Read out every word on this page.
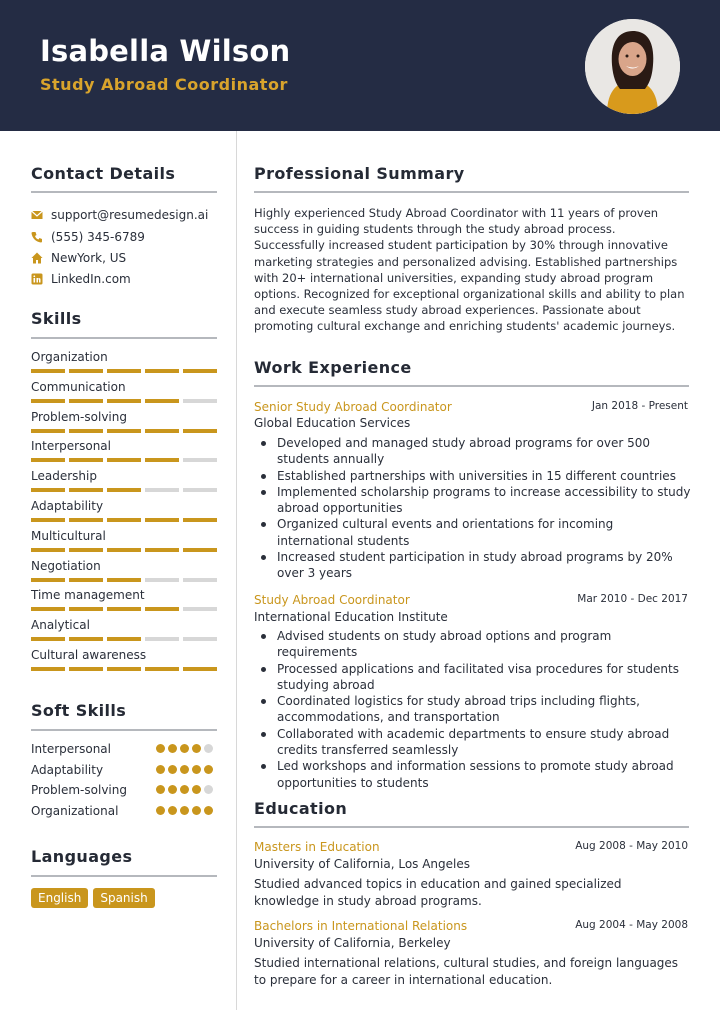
Isabella Wilson
Study Abroad Coordinator
Contact Details
support@resumedesign.ai
(555) 345-6789
NewYork, US
LinkedIn.com
Skills
Organization
Communication
Problem-solving
Interpersonal
Leadership
Adaptability
Multicultural
Negotiation
Time management
Analytical
Cultural awareness
Soft Skills
Interpersonal
Adaptability
Problem-solving
Organizational
Languages
English	Spanish
Professional Summary
Highly experienced Study Abroad Coordinator with 11 years of proven success in guiding students through the study abroad process. Successfully increased student participation by 30% through innovative marketing strategies and personalized advising. Established partnerships with 20+ international universities, expanding study abroad program options. Recognized for exceptional organizational skills and ability to plan and execute seamless study abroad experiences. Passionate about promoting cultural exchange and enriching students' academic journeys.
Work Experience
Senior Study Abroad Coordinator	Jan 2018 - Present
Global Education Services
Developed and managed study abroad programs for over 500 students annually
Established partnerships with universities in 15 different countries
Implemented scholarship programs to increase accessibility to study abroad opportunities
Organized cultural events and orientations for incoming international students
Increased student participation in study abroad programs by 20% over 3 years
Study Abroad Coordinator	Mar 2010 - Dec 2017
International Education Institute
Advised students on study abroad options and program requirements
Processed applications and facilitated visa procedures for students studying abroad
Coordinated logistics for study abroad trips including flights, accommodations, and transportation
Collaborated with academic departments to ensure study abroad credits transferred seamlessly
Led workshops and information sessions to promote study abroad opportunities to students
Education
Masters in Education	Aug 2008 - May 2010
University of California, Los Angeles
Studied advanced topics in education and gained specialized knowledge in study abroad programs.
Bachelors in International Relations	Aug 2004 - May 2008
University of California, Berkeley
Studied international relations, cultural studies, and foreign languages to prepare for a career in international education.
